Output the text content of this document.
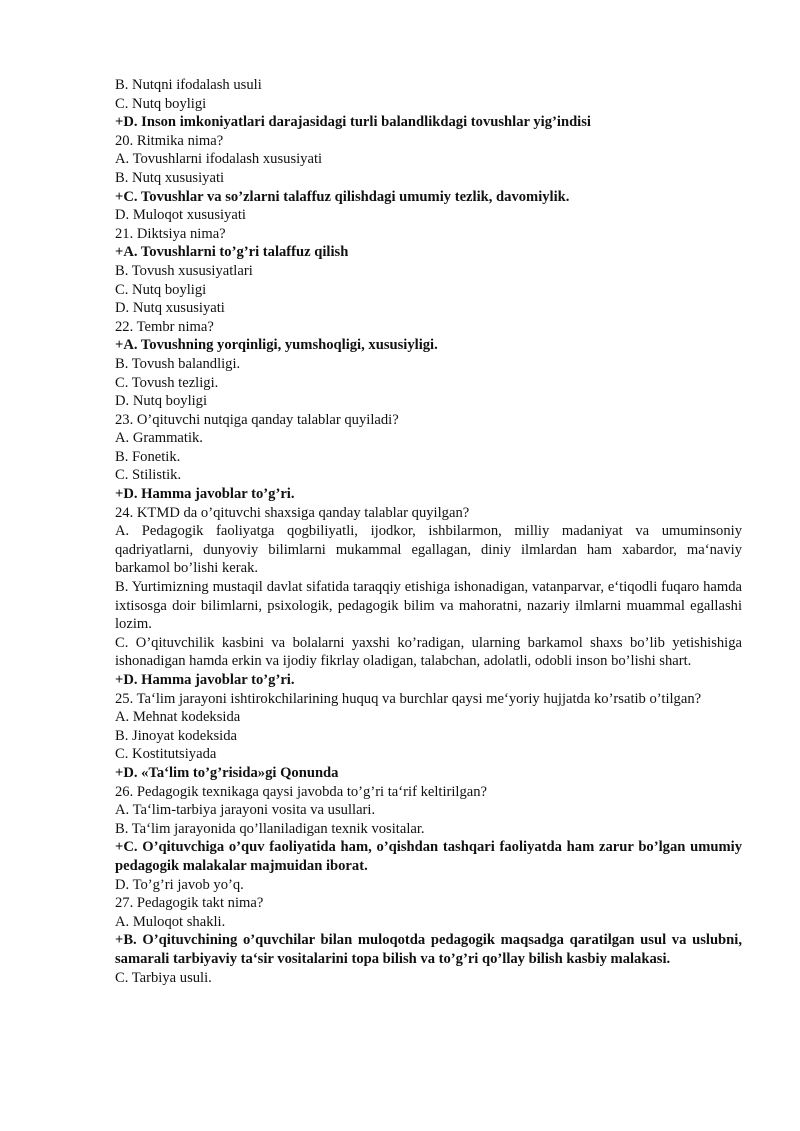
B. Nutqni ifodalash usuli
C. Nutq boyligi
+D. Inson imkoniyatlari darajasidagi turli balandlikdagi tovushlar yig’indisi
20. Ritmika nima?
A. Tovushlarni ifodalash xususiyati
B. Nutq xususiyati
+C. Tovushlar va so’zlarni talaffuz qilishdagi umumiy tezlik, davomiylik.
D. Muloqot xususiyati
21. Diktsiya nima?
+A. Tovushlarni to’g’ri talaffuz qilish
B. Tovush xususiyatlari
C. Nutq boyligi
D. Nutq xususiyati
22. Tembr nima?
+A. Tovushning yorqinligi, yumshoqligi, xususiyligi.
B. Tovush balandligi.
C. Tovush tezligi.
D. Nutq boyligi
23. O’qituvchi nutqiga qanday talablar quyiladi?
A. Grammatik.
B. Fonetik.
C. Stilistik.
+D. Hamma javoblar to’g’ri.
24. KTMD da o’qituvchi shaxsiga qanday talablar quyilgan?
A. Pedagogik faoliyatga qogbiliyatli, ijodkor, ishbilarmon, milliy madaniyat va umuminsoniy qadriyatlarni, dunyoviy bilimlarni mukammal egallagan, diniy ilmlardan ham xabardor, ma‘naviy barkamol bo’lishi kerak.
B. Yurtimizning mustaqil davlat sifatida taraqqiy etishiga ishonadigan, vatanparvar, e‘tiqodli fuqaro hamda ixtisosga doir bilimlarni, psixologik, pedagogik bilim va mahoratni, nazariy ilmlarni muammal egallashi lozim.
C. O’qituvchilik kasbini va bolalarni yaxshi ko’radigan, ularning barkamol shaxs bo’lib yetishishiga ishonadigan hamda erkin va ijodiy fikrlay oladigan, talabchan, adolatli, odobli inson bo’lishi shart.
+D. Hamma javoblar to’g’ri.
25. Ta‘lim jarayoni ishtirokchilarining huquq va burchlar qaysi me‘yoriy hujjatda ko’rsatib o’tilgan?
A. Mehnat kodeksida
B. Jinoyat kodeksida
C. Kostitutsiyada
+D. «Ta‘lim to’g’risida»gi Qonunda
26. Pedagogik texnikaga qaysi javobda to’g’ri ta‘rif keltirilgan?
A. Ta‘lim-tarbiya jarayoni vosita va usullari.
B. Ta‘lim jarayonida qo’llaniladigan texnik vositalar.
+C. O’qituvchiga o’quv faoliyatida ham, o’qishdan tashqari faoliyatda ham zarur bo’lgan umumiy pedagogik malakalar majmuidan iborat.
D. To’g’ri javob yo’q.
27. Pedagogik takt nima?
A. Muloqot shakli.
+B. O’qituvchining o’quvchilar bilan muloqotda pedagogik maqsadga qaratilgan usul va uslubni, samarali tarbiyaviy ta‘sir vositalarini topa bilish va to’g’ri qo’llay bilish kasbiy malakasi.
C. Tarbiya usuli.
